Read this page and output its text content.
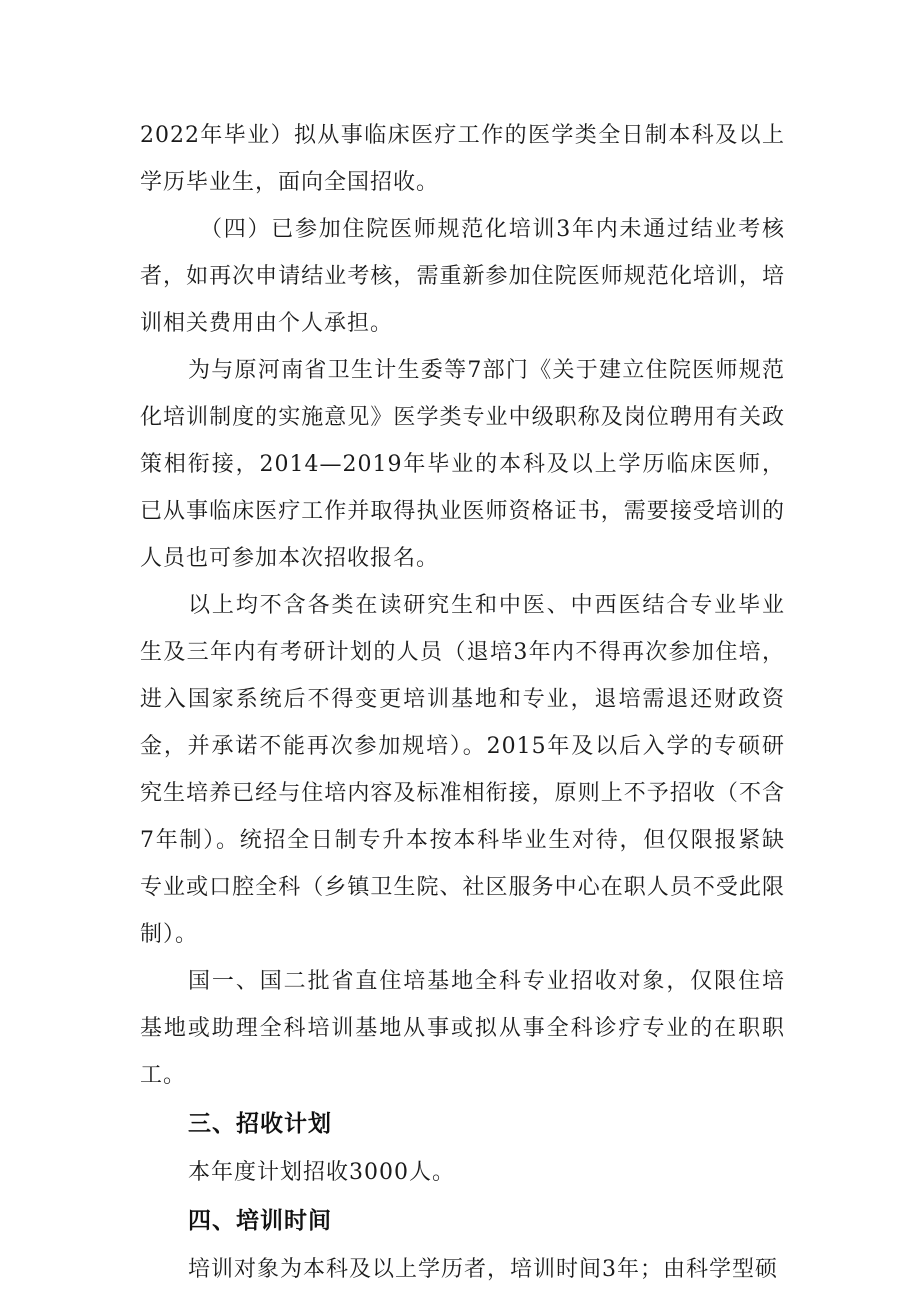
2022年毕业）拟从事临床医疗工作的医学类全日制本科及以上学历毕业生，面向全国招收。

（四）已参加住院医师规范化培训3年内未通过结业考核者，如再次申请结业考核，需重新参加住院医师规范化培训，培训相关费用由个人承担。

为与原河南省卫生计生委等7部门《关于建立住院医师规范化培训制度的实施意见》医学类专业中级职称及岗位聘用有关政策相衔接，2014—2019年毕业的本科及以上学历临床医师，已从事临床医疗工作并取得执业医师资格证书，需要接受培训的人员也可参加本次招收报名。

以上均不含各类在读研究生和中医、中西医结合专业毕业生及三年内有考研计划的人员（退培3年内不得再次参加住培，进入国家系统后不得变更培训基地和专业，退培需退还财政资金，并承诺不能再次参加规培）。2015年及以后入学的专硕研究生培养已经与住培内容及标准相衔接，原则上不予招收（不含7年制）。统招全日制专升本按本科毕业生对待，但仅限报紧缺专业或口腔全科（乡镇卫生院、社区服务中心在职人员不受此限制）。

国一、国二批省直住培基地全科专业招收对象，仅限住培基地或助理全科培训基地从事或拟从事全科诊疗专业的在职职工。

三、招收计划

本年度计划招收3000人。

四、培训时间

培训对象为本科及以上学历者，培训时间3年；由科学型硕
